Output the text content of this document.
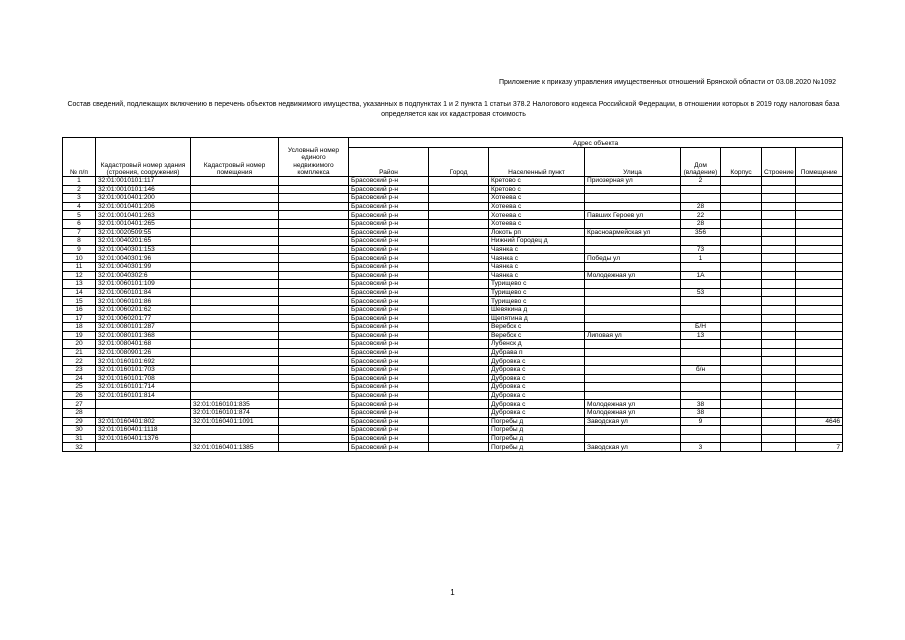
Приложение к приказу управления имущественных отношений Брянской области от 03.08.2020 №1092
Состав сведений, подлежащих включению в перечень объектов недвижимого имущества, указанных в подпунктах 1 и 2 пункта 1 статьи 378.2 Налогового кодекса Российской Федерации, в отношении которых в 2019 году налоговая база определяется как их кадастровая стоимость
№ п/п	Кадастровый номер здания (строения, сооружения)	Кадастровый номер помещения	Условный номер единого недвижимого комплекса	Адрес объекта							
				Район	Город	Населенный пункт	Улица	Дом (владение)	Корпус	Строение	Помещение
1	32:01:0010101:117			Брасовский р-н		Кретово с	Приозерная ул	2			
2	32:01:0010101:146			Брасовский р-н		Кретово с					
3	32:01:0010401:200			Брасовский р-н		Хотеева с					
4	32:01:0010401:206			Брасовский р-н		Хотеева с		28			
5	32:01:0010401:263			Брасовский р-н		Хотеева с	Павших Героев ул	22			
6	32:01:0010401:265			Брасовский р-н		Хотеева с		28			
7	32:01:0020509:55			Брасовский р-н		Локоть рп	Красноармейская ул	356			
8	32:01:0040201:65			Брасовский р-н		Нижний Городец д					
9	32:01:0040301:153			Брасовский р-н		Чаянка с		73			
10	32:01:0040301:96			Брасовский р-н		Чаянка с	Победы ул	1			
11	32:01:0040301:99			Брасовский р-н		Чаянка с					
12	32:01:0040302:6			Брасовский р-н		Чаянка с	Молодежная ул	1А			
13	32:01:0060101:109			Брасовский р-н		Турищево с					
14	32:01:0060101:84			Брасовский р-н		Турищево с		53			
15	32:01:0060101:86			Брасовский р-н		Турищево с					
16	32:01:0060201:62			Брасовский р-н		Шевякина д					
17	32:01:0060201:77			Брасовский р-н		Щепятина д					
18	32:01:0080101:287			Брасовский р-н		Веребск с		Б/Н			
19	32:01:0080101:368			Брасовский р-н		Веребск с	Липовая ул	13			
20	32:01:0080401:68			Брасовский р-н		Лубенск д					
21	32:01:0080901:26			Брасовский р-н		Дубрава п					
22	32:01:0160101:692			Брасовский р-н		Дубровка с					
23	32:01:0160101:703			Брасовский р-н		Дубровка с		б/н			
24	32:01:0160101:708			Брасовский р-н		Дубровка с					
25	32:01:0160101:714			Брасовский р-н		Дубровка с					
26	32:01:0160101:814			Брасовский р-н		Дубровка с					
27		32:01:0160101:835		Брасовский р-н		Дубровка с	Молодежная ул	38			
28		32:01:0160101:874		Брасовский р-н		Дубровка с	Молодежная ул	38			
29	32:01:0160401:802	32:01:0160401:1091		Брасовский р-н		Погребы д	Заводская ул	9			4646
30	32:01:0160401:1118			Брасовский р-н		Погребы д					
31	32:01:0160401:1376			Брасовский р-н		Погребы д					
32		32:01:0160401:1385		Брасовский р-н		Погребы д	Заводская ул	3			7
1
